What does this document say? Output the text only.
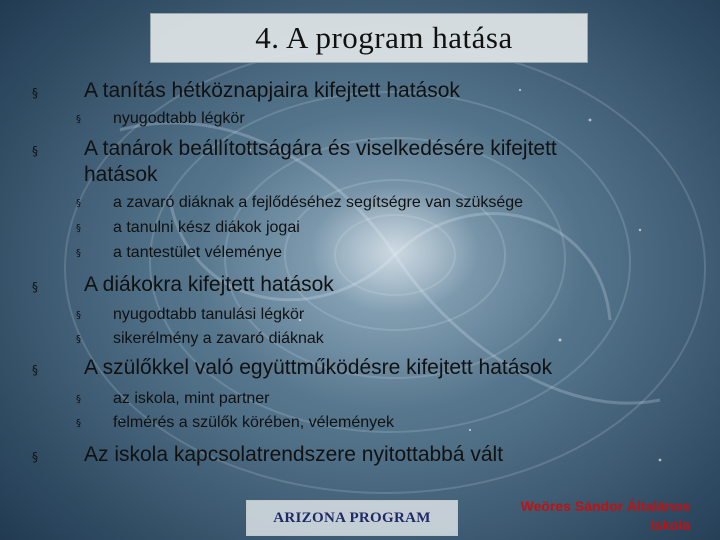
4. A program hatása
§ A tanítás hétköznapjaira kifejtett hatások
§ nyugodtabb légkör
§ A tanárok beállítottságára és viselkedésére kifejtett
hatások
§ a zavaró diáknak a fejlődéséhez segítségre van szüksége
§ a tanulni kész diákok jogai
§ a tantestület véleménye
§ A diákokra kifejtett hatások
§ nyugodtabb tanulási légkör
§ sikerélmény a zavaró diáknak
§ A szülőkkel való együttműködésre kifejtett hatások
§ az iskola, mint partner
§ felmérés a szülők körében, vélemények
§ Az iskola kapcsolatrendszere nyitottabbá vált
ARIZONA PROGRAM
Weöres Sándor Általános
Iskola
